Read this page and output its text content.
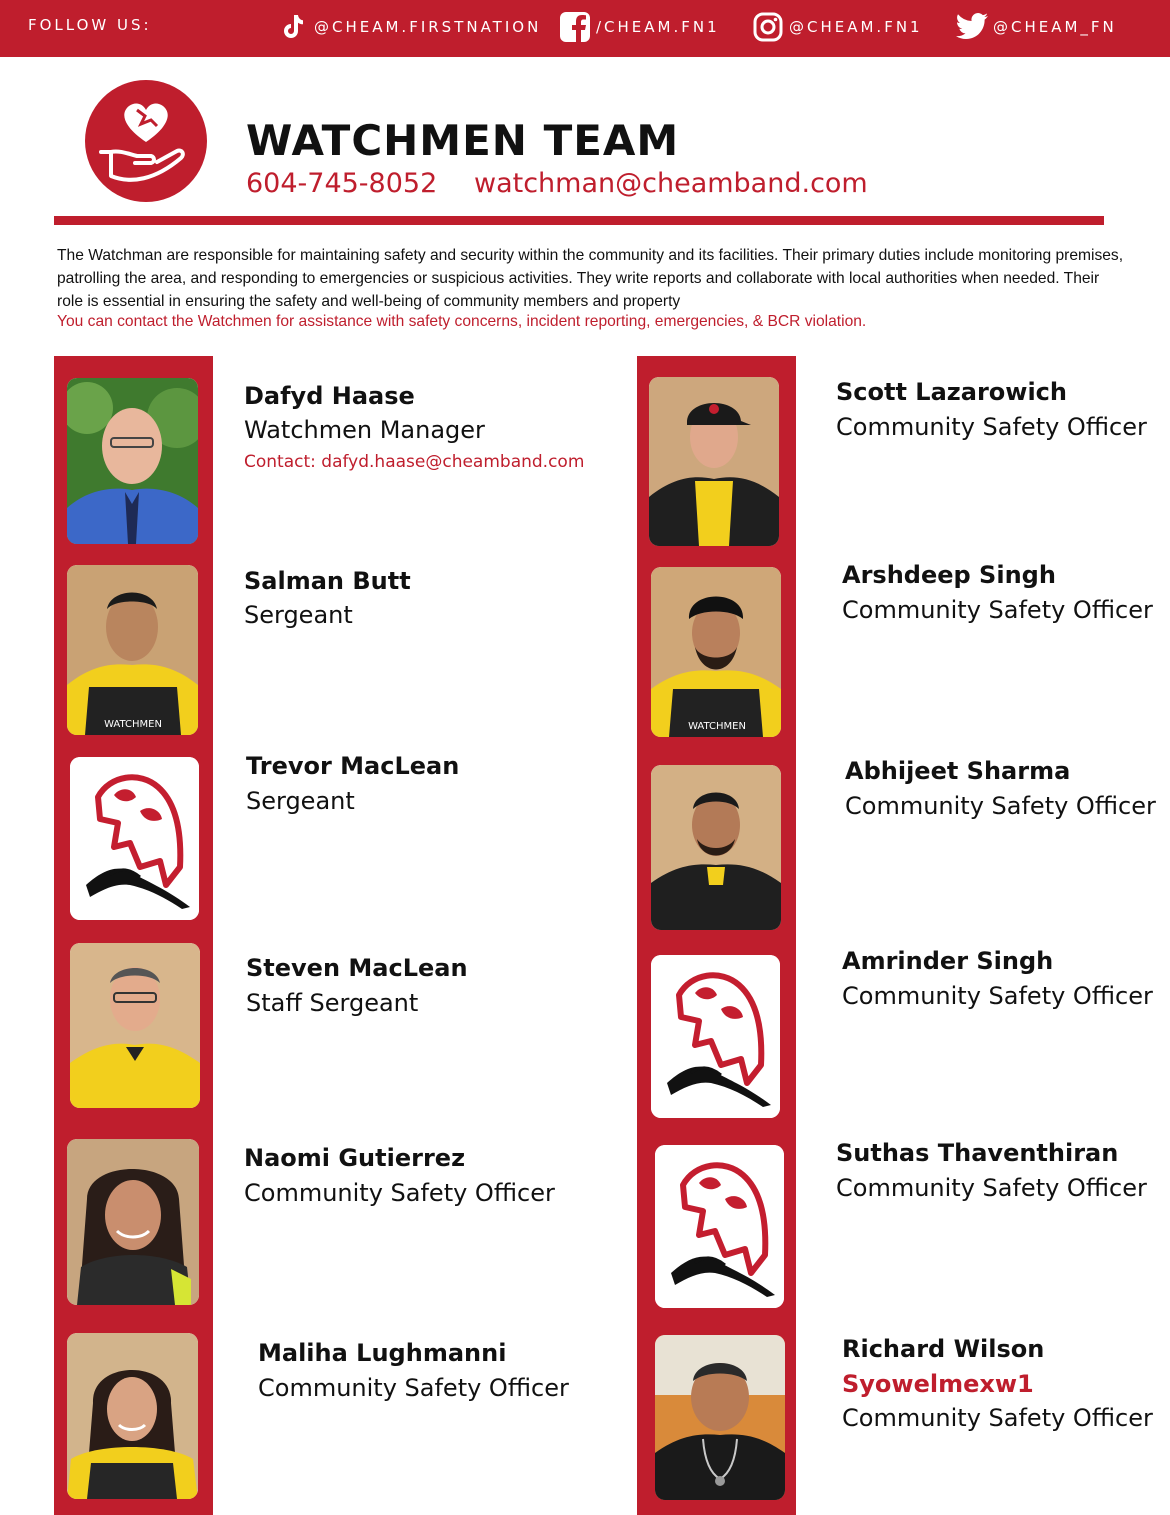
FOLLOW US:	@CHEAM.FIRSTNATION	/CHEAM.FN1	@CHEAM.FN1	@CHEAM_FN
WATCHMEN TEAM
604-745-8052 watchman@cheamband.com
The Watchman are responsible for maintaining safety and security within the community and its facilities. Their primary duties include monitoring premises, patrolling the area, and responding to emergencies or suspicious activities. They write reports and collaborate with local authorities when needed. Their role is essential in ensuring the safety and well-being of community members and property
You can contact the Watchmen for assistance with safety concerns, incident reporting, emergencies, & BCR violation.
Dafyd Haase
Watchmen Manager
Contact: dafyd.haase@cheamband.com
WATCHMEN
Salman Butt
Sergeant
Trevor MacLean
Sergeant
Steven MacLean
Staff Sergeant
Naomi Gutierrez
Community Safety Officer
Maliha Lughmanni
Community Safety Officer
Scott Lazarowich
Community Safety Officer
WATCHMEN
Arshdeep Singh
Community Safety Officer
Abhijeet Sharma
Community Safety Officer
Amrinder Singh
Community Safety Officer
Suthas Thaventhiran
Community Safety Officer
Richard Wilson
Syowelmexw1
Community Safety Officer
